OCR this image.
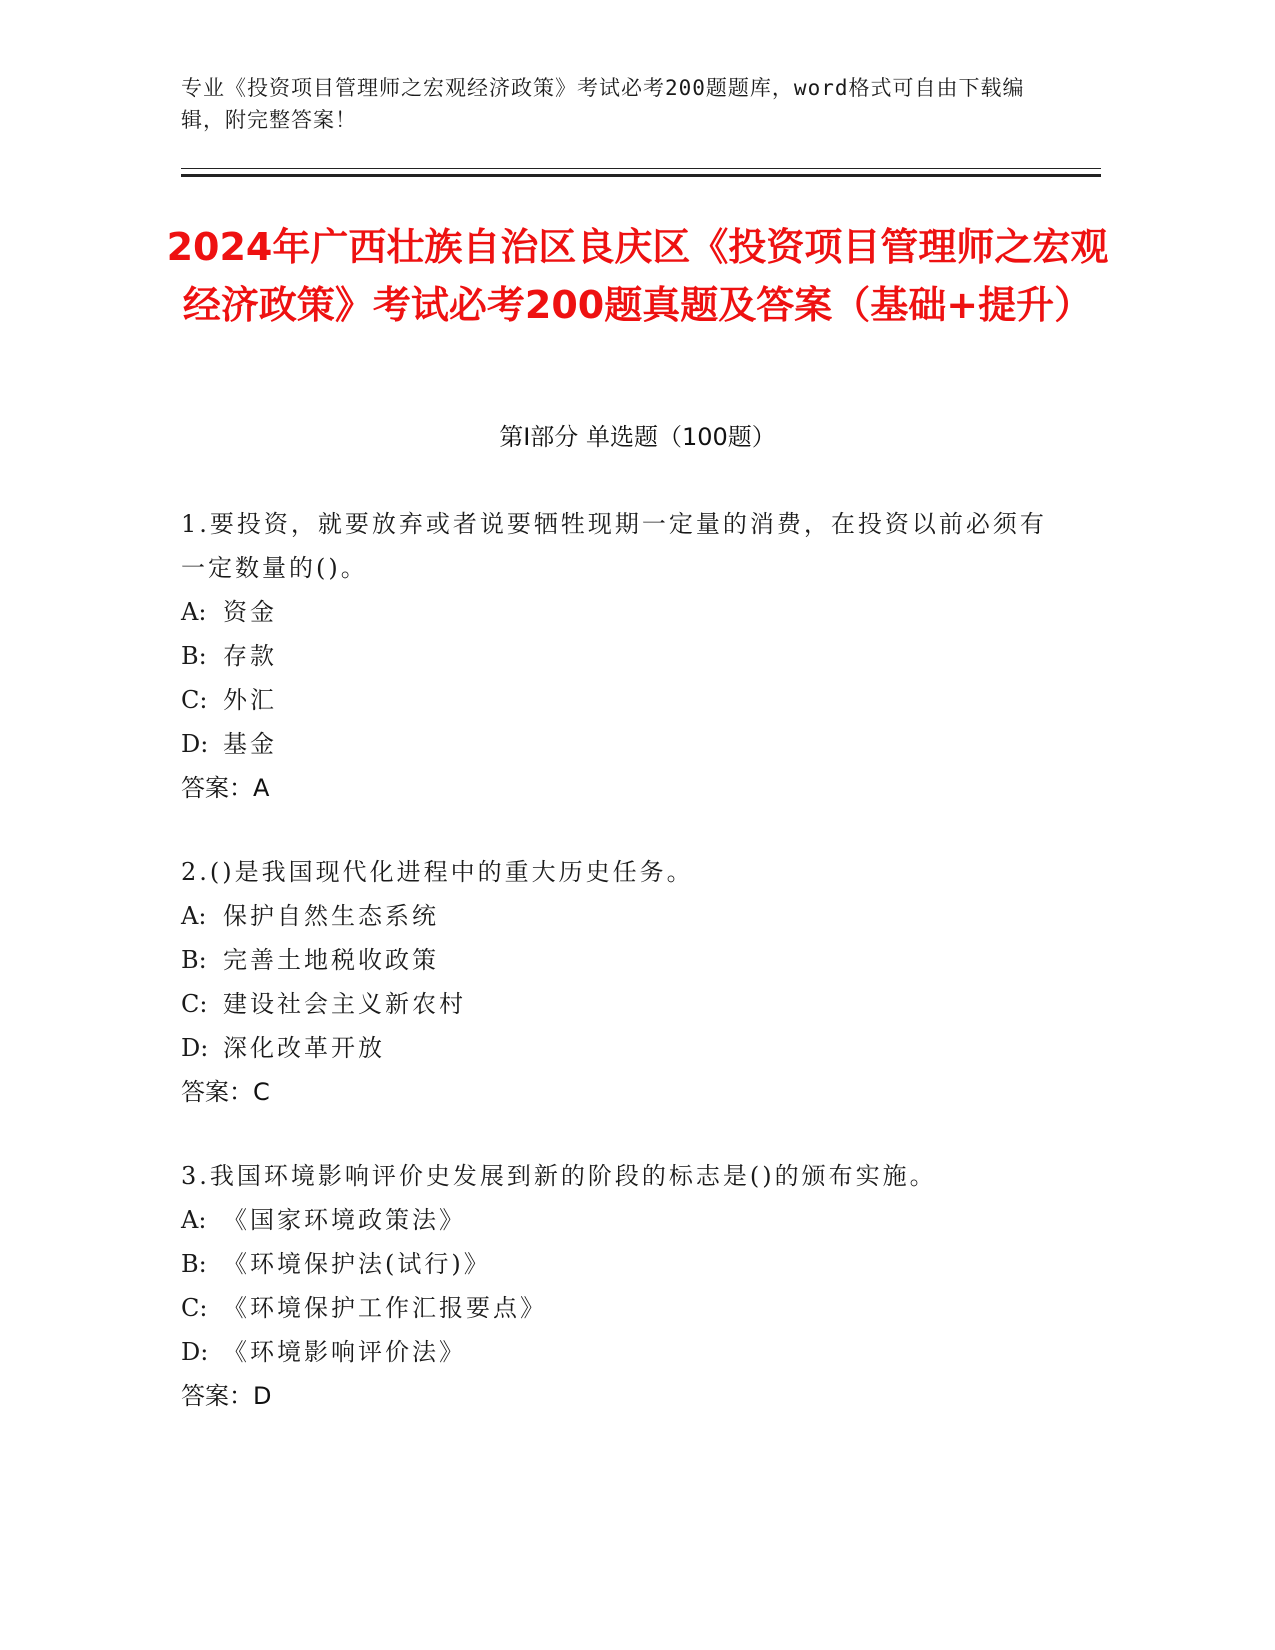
专业《投资项目管理师之宏观经济政策》考试必考200题题库，word格式可自由下载编辑，附完整答案！
2024年广西壮族自治区良庆区《投资项目管理师之宏观经济政策》考试必考200题真题及答案（基础+提升）
第Ⅰ部分 单选题（100题）
1.要投资，就要放弃或者说要牺牲现期一定量的消费，在投资以前必须有一定数量的()。
A: 资金
B: 存款
C: 外汇
D: 基金
答案：A
2.()是我国现代化进程中的重大历史任务。
A: 保护自然生态系统
B: 完善土地税收政策
C: 建设社会主义新农村
D: 深化改革开放
答案：C
3.我国环境影响评价史发展到新的阶段的标志是()的颁布实施。
A: 《国家环境政策法》
B: 《环境保护法(试行)》
C: 《环境保护工作汇报要点》
D: 《环境影响评价法》
答案：D
